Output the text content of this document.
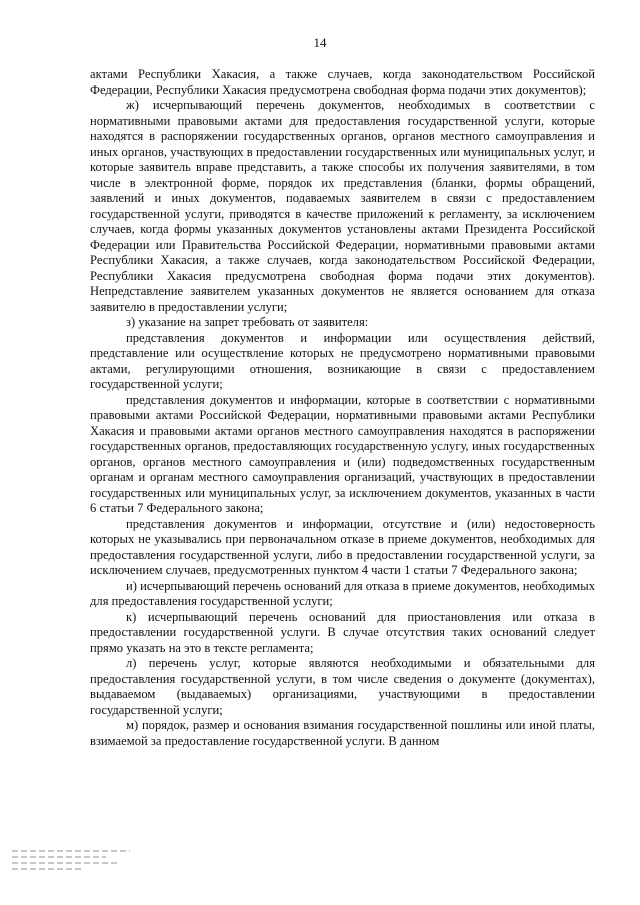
14

актами Республики Хакасия, а также случаев, когда законодательством Российской Федерации, Республики Хакасия предусмотрена свободная форма подачи этих документов);

ж) исчерпывающий перечень документов, необходимых в соответствии с нормативными правовыми актами для предоставления государственной услуги, которые находятся в распоряжении государственных органов, органов местного самоуправления и иных органов, участвующих в предоставлении государственных или муниципальных услуг, и которые заявитель вправе представить, а также способы их получения заявителями, в том числе в электронной форме, порядок их представления (бланки, формы обращений, заявлений и иных документов, подаваемых заявителем в связи с предоставлением государственной услуги, приводятся в качестве приложений к регламенту, за исключением случаев, когда формы указанных документов установлены актами Президента Российской Федерации или Правительства Российской Федерации, нормативными правовыми актами Республики Хакасия, а также случаев, когда законодательством Российской Федерации, Республики Хакасия предусмотрена свободная форма подачи этих документов). Непредставление заявителем указанных документов не является основанием для отказа заявителю в предоставлении услуги;

з) указание на запрет требовать от заявителя:

представления документов и информации или осуществления действий, представление или осуществление которых не предусмотрено нормативными правовыми актами, регулирующими отношения, возникающие в связи с предоставлением государственной услуги;

представления документов и информации, которые в соответствии с нормативными правовыми актами Российской Федерации, нормативными правовыми актами Республики Хакасия и правовыми актами органов местного самоуправления находятся в распоряжении государственных органов, предоставляющих государственную услугу, иных государственных органов, органов местного самоуправления и (или) подведомственных государственным органам и органам местного самоуправления организаций, участвующих в предоставлении государственных или муниципальных услуг, за исключением документов, указанных в части 6 статьи 7 Федерального закона;

представления документов и информации, отсутствие и (или) недостоверность которых не указывались при первоначальном отказе в приеме документов, необходимых для предоставления государственной услуги, либо в предоставлении государственной услуги, за исключением случаев, предусмотренных пунктом 4 части 1 статьи 7 Федерального закона;

и) исчерпывающий перечень оснований для отказа в приеме документов, необходимых для предоставления государственной услуги;

к) исчерпывающий перечень оснований для приостановления или отказа в предоставлении государственной услуги. В случае отсутствия таких оснований следует прямо указать на это в тексте регламента;

л) перечень услуг, которые являются необходимыми и обязательными для предоставления государственной услуги, в том числе сведения о документе (документах), выдаваемом (выдаваемых) организациями, участвующими в предоставлении государственной услуги;

м) порядок, размер и основания взимания государственной пошлины или иной платы, взимаемой за предоставление государственной услуги. В данном
